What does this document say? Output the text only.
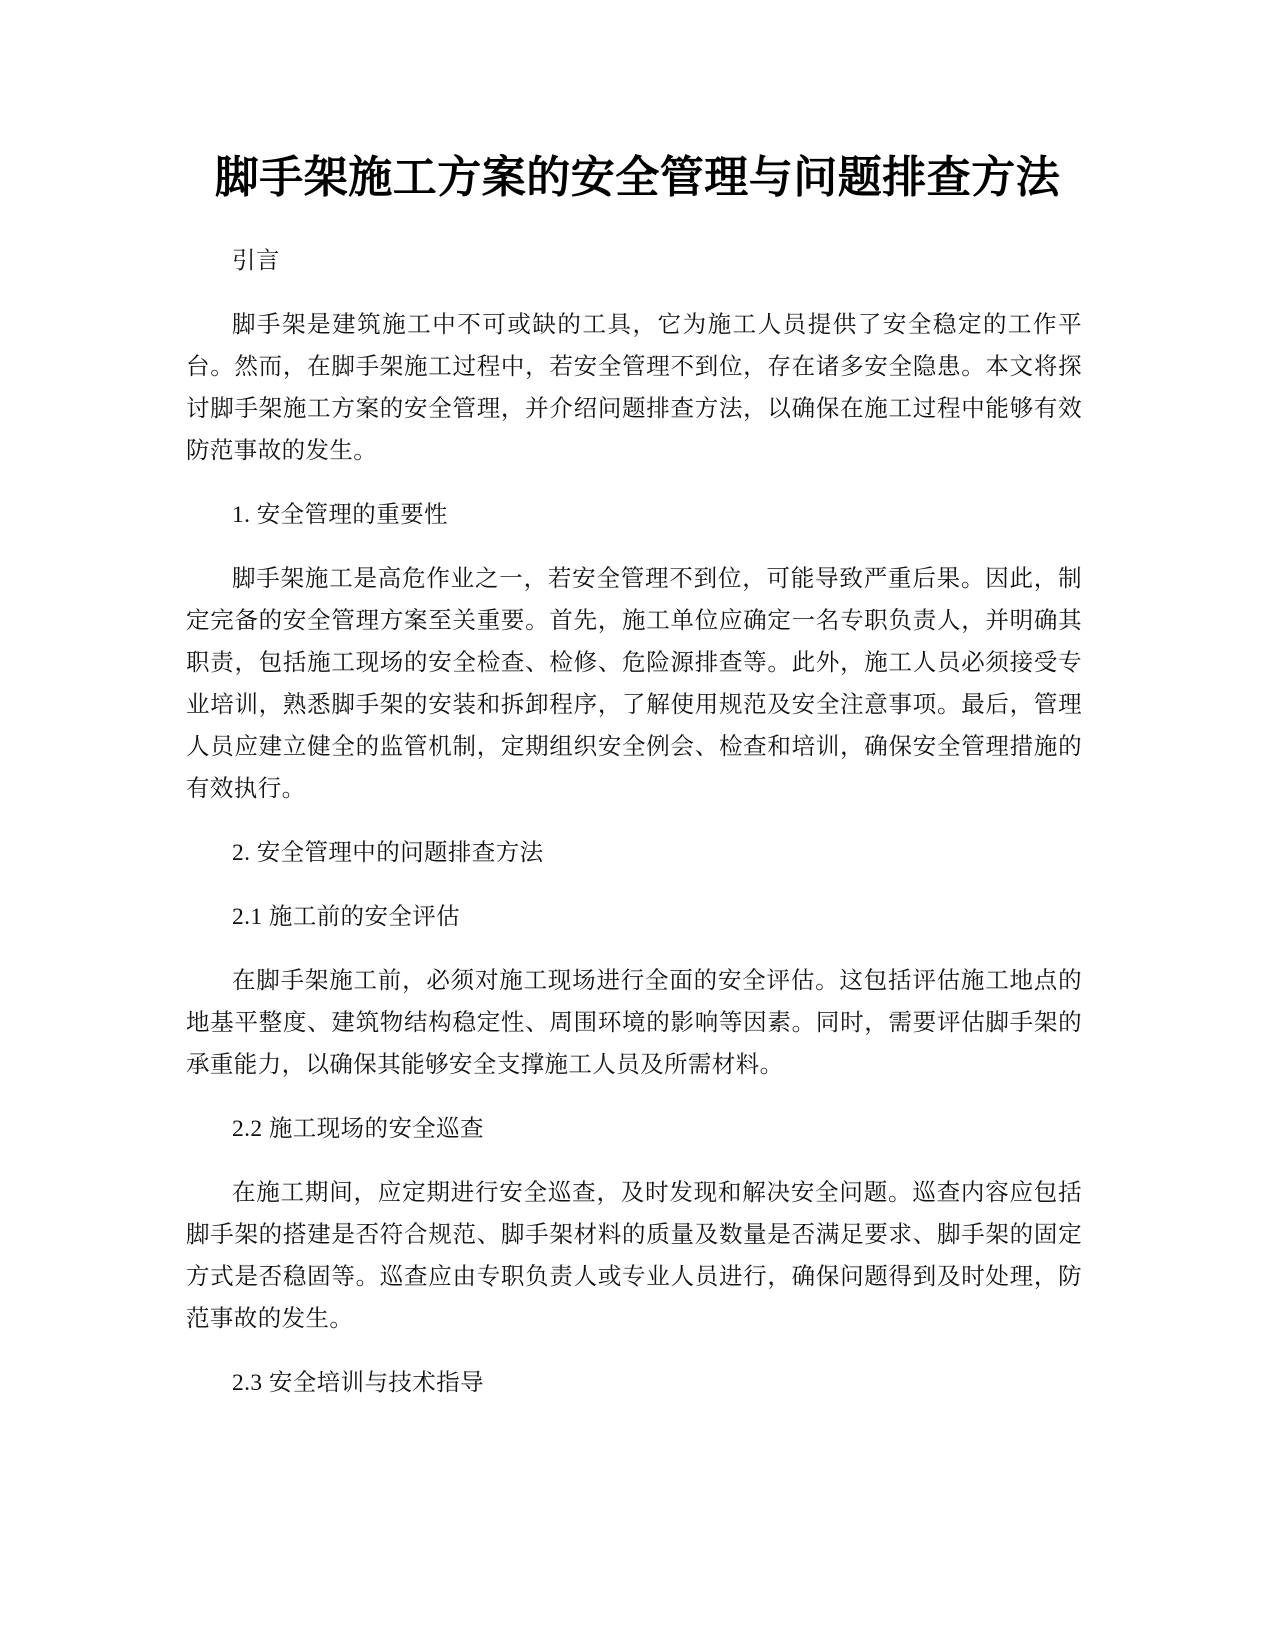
脚手架施工方案的安全管理与问题排查方法

引言

脚手架是建筑施工中不可或缺的工具，它为施工人员提供了安全稳定的工作平台。然而，在脚手架施工过程中，若安全管理不到位，存在诸多安全隐患。本文将探讨脚手架施工方案的安全管理，并介绍问题排查方法，以确保在施工过程中能够有效防范事故的发生。

1. 安全管理的重要性

脚手架施工是高危作业之一，若安全管理不到位，可能导致严重后果。因此，制定完备的安全管理方案至关重要。首先，施工单位应确定一名专职负责人，并明确其职责，包括施工现场的安全检查、检修、危险源排查等。此外，施工人员必须接受专业培训，熟悉脚手架的安装和拆卸程序，了解使用规范及安全注意事项。最后，管理人员应建立健全的监管机制，定期组织安全例会、检查和培训，确保安全管理措施的有效执行。

2. 安全管理中的问题排查方法

2.1 施工前的安全评估

在脚手架施工前，必须对施工现场进行全面的安全评估。这包括评估施工地点的地基平整度、建筑物结构稳定性、周围环境的影响等因素。同时，需要评估脚手架的承重能力，以确保其能够安全支撑施工人员及所需材料。

2.2 施工现场的安全巡查

在施工期间，应定期进行安全巡查，及时发现和解决安全问题。巡查内容应包括脚手架的搭建是否符合规范、脚手架材料的质量及数量是否满足要求、脚手架的固定方式是否稳固等。巡查应由专职负责人或专业人员进行，确保问题得到及时处理，防范事故的发生。

2.3 安全培训与技术指导
